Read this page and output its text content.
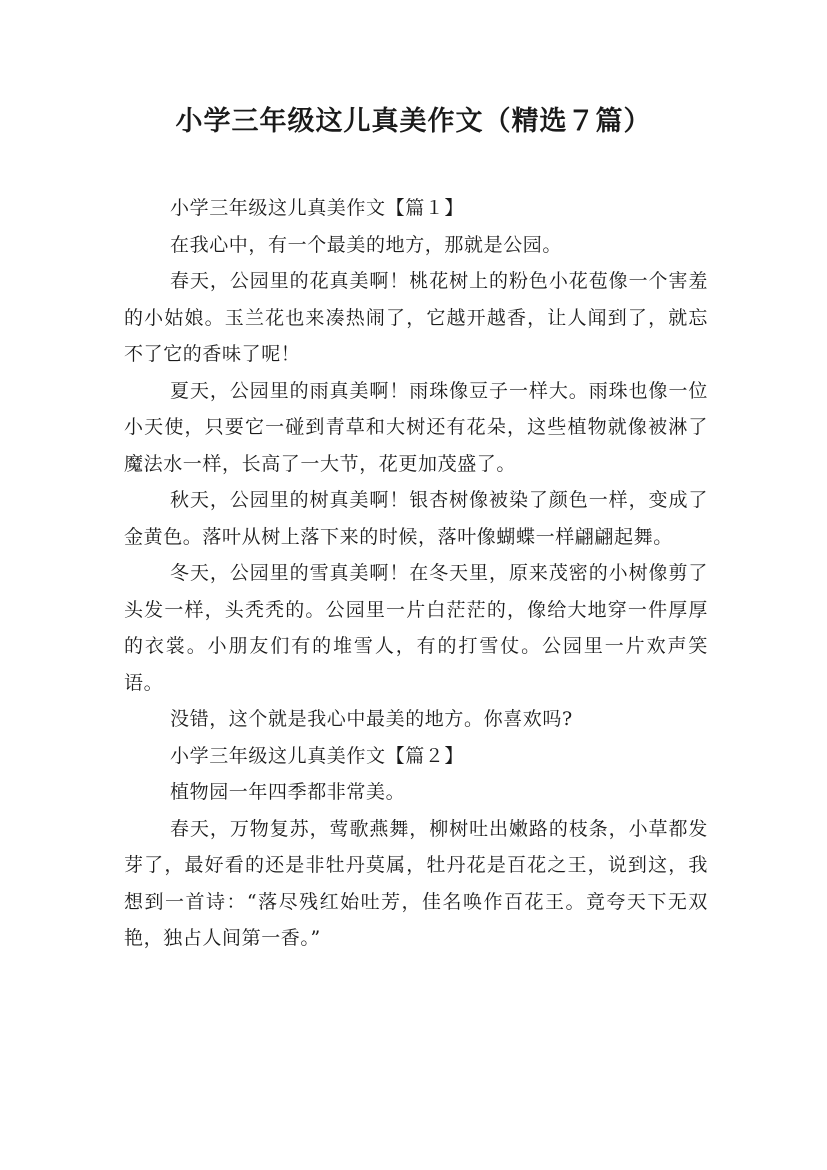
小学三年级这儿真美作文（精选７篇）

小学三年级这儿真美作文【篇１】

在我心中，有一个最美的地方，那就是公园。

春天，公园里的花真美啊！桃花树上的粉色小花苞像一个害羞的小姑娘。玉兰花也来凑热闹了，它越开越香，让人闻到了，就忘不了它的香味了呢！

夏天，公园里的雨真美啊！雨珠像豆子一样大。雨珠也像一位小天使，只要它一碰到青草和大树还有花朵，这些植物就像被淋了魔法水一样，长高了一大节，花更加茂盛了。

秋天，公园里的树真美啊！银杏树像被染了颜色一样，变成了金黄色。落叶从树上落下来的时候，落叶像蝴蝶一样翩翩起舞。

冬天，公园里的雪真美啊！在冬天里，原来茂密的小树像剪了头发一样，头秃秃的。公园里一片白茫茫的，像给大地穿一件厚厚的衣裳。小朋友们有的堆雪人，有的打雪仗。公园里一片欢声笑语。

没错，这个就是我心中最美的地方。你喜欢吗?

小学三年级这儿真美作文【篇２】

植物园一年四季都非常美。

春天，万物复苏，莺歌燕舞，柳树吐出嫩路的枝条，小草都发芽了，最好看的还是非牡丹莫属，牡丹花是百花之王，说到这，我想到一首诗：“落尽残红始吐芳，佳名唤作百花王。竟夸天下无双艳，独占人间第一香。”
